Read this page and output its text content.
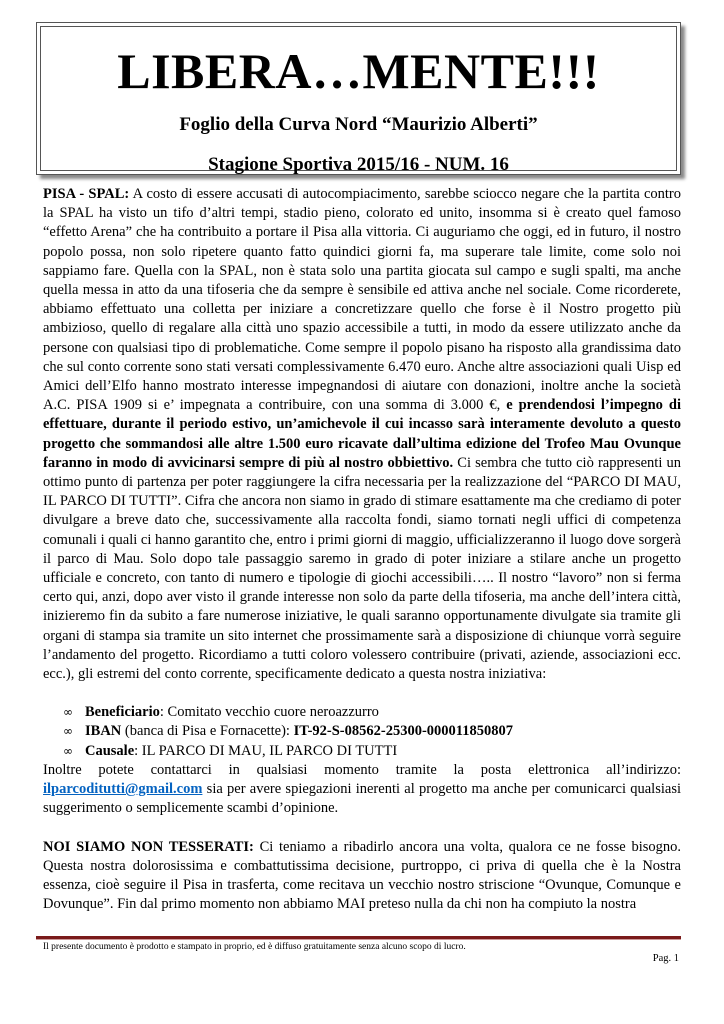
LIBERA…MENTE!!!
Foglio della Curva Nord “Maurizio Alberti”
Stagione Sportiva 2015/16 - NUM. 16

PISA - SPAL: A costo di essere accusati di autocompiacimento, sarebbe sciocco negare che la partita contro la SPAL ha visto un tifo d’altri tempi, stadio pieno, colorato ed unito, insomma si è creato quel famoso “effetto Arena” che ha contribuito a portare il Pisa alla vittoria. Ci auguriamo che oggi, ed in futuro, il nostro popolo possa, non solo ripetere quanto fatto quindici giorni fa, ma superare tale limite, come solo noi sappiamo fare. Quella con la SPAL, non è stata solo una partita giocata sul campo e sugli spalti, ma anche quella messa in atto da una tifoseria che da sempre è sensibile ed attiva anche nel sociale. Come ricorderete, abbiamo effettuato una colletta per iniziare a concretizzare quello che forse è il Nostro progetto più ambizioso, quello di regalare alla città uno spazio accessibile a tutti, in modo da essere utilizzato anche da persone con qualsiasi tipo di problematiche. Come sempre il popolo pisano ha risposto alla grandissima dato che sul conto corrente sono stati versati complessivamente 6.470 euro. Anche altre associazioni quali Uisp ed Amici dell’Elfo hanno mostrato interesse impegnandosi di aiutare con donazioni, inoltre anche la società A.C. PISA 1909 si e’ impegnata a contribuire, con una somma di 3.000 €, e prendendosi l’impegno di effettuare, durante il periodo estivo, un’amichevole il cui incasso sarà interamente devoluto a questo progetto che sommandosi alle altre 1.500 euro ricavate dall’ultima edizione del Trofeo Mau Ovunque faranno in modo di avvicinarsi sempre di più al nostro obbiettivo. Ci sembra che tutto ciò rappresenti un ottimo punto di partenza per poter raggiungere la cifra necessaria per la realizzazione del “PARCO DI MAU, IL PARCO DI TUTTI”. Cifra che ancora non siamo in grado di stimare esattamente ma che crediamo di poter divulgare a breve dato che, successivamente alla raccolta fondi, siamo tornati negli uffici di competenza comunali i quali ci hanno garantito che, entro i primi giorni di maggio, ufficializzeranno il luogo dove sorgerà il parco di Mau. Solo dopo tale passaggio saremo in grado di poter iniziare a stilare anche un progetto ufficiale e concreto, con tanto di numero e tipologie di giochi accessibili….. Il nostro “lavoro” non si ferma certo qui, anzi, dopo aver visto il grande interesse non solo da parte della tifoseria, ma anche dell’intera città, inizieremo fin da subito a fare numerose iniziative, le quali saranno opportunamente divulgate sia tramite gli organi di stampa sia tramite un sito internet che prossimamente sarà a disposizione di chiunque vorrà seguire l’andamento del progetto. Ricordiamo a tutti coloro volessero contribuire (privati, aziende, associazioni ecc. ecc.), gli estremi del conto corrente, specificamente dedicato a questa nostra iniziativa:

∞ Beneficiario: Comitato vecchio cuore neroazzurro
∞ IBAN (banca di Pisa e Fornacette): IT-92-S-08562-25300-000011850807
∞ Causale: IL PARCO DI MAU, IL PARCO DI TUTTI

Inoltre potete contattarci in qualsiasi momento tramite la posta elettronica all’indirizzo: ilparcoditutti@gmail.com sia per avere spiegazioni inerenti al progetto ma anche per comunicarci qualsiasi suggerimento o semplicemente scambi d’opinione.

NOI SIAMO NON TESSERATI: Ci teniamo a ribadirlo ancora una volta, qualora ce ne fosse bisogno. Questa nostra dolorosissima e combattutissima decisione, purtroppo, ci priva di quella che è la Nostra essenza, cioè seguire il Pisa in trasferta, come recitava un vecchio nostro striscione “Ovunque, Comunque e Dovunque”. Fin dal primo momento non abbiamo MAI preteso nulla da chi non ha compiuto la nostra

Il presente documento è prodotto e stampato in proprio, ed è diffuso gratuitamente senza alcuno scopo di lucro.
Pag. 1
